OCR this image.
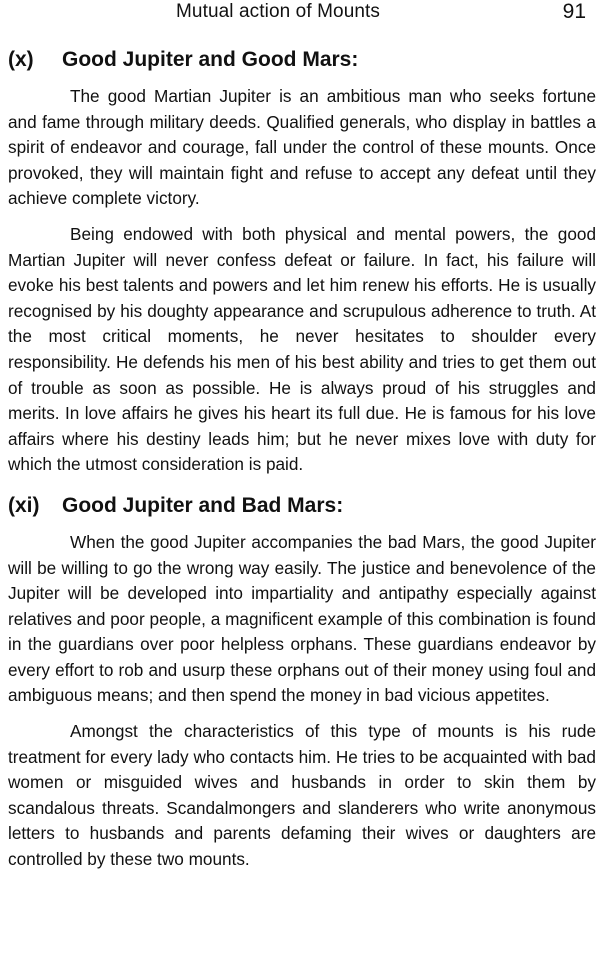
Mutual action of Mounts	91
(x)	Good Jupiter and Good Mars:

The good Martian Jupiter is an ambitious man who seeks fortune and fame through military deeds. Qualified generals, who display in battles a spirit of endeavor and courage, fall under the control of these mounts. Once provoked, they will maintain fight and refuse to accept any defeat until they achieve complete victory.

Being endowed with both physical and mental powers, the good Martian Jupiter will never confess defeat or failure. In fact, his failure will evoke his best talents and powers and let him renew his efforts. He is usually recognised by his doughty appearance and scrupulous adherence to truth. At the most critical moments, he never hesitates to shoulder every responsibility. He defends his men of his best ability and tries to get them out of trouble as soon as possible. He is always proud of his struggles and merits. In love affairs he gives his heart its full due. He is famous for his love affairs where his destiny leads him; but he never mixes love with duty for which the utmost consideration is paid.

(xi)	Good Jupiter and Bad Mars:

When the good Jupiter accompanies the bad Mars, the good Jupiter will be willing to go the wrong way easily. The justice and benevolence of the Jupiter will be developed into impartiality and antipathy especially against relatives and poor people, a magnificent example of this combination is found in the guardians over poor helpless orphans. These guardians endeavor by every effort to rob and usurp these orphans out of their money using foul and ambiguous means; and then spend the money in bad vicious appetites.

Amongst the characteristics of this type of mounts is his rude treatment for every lady who contacts him. He tries to be acquainted with bad women or misguided wives and husbands in order to skin them by scandalous threats. Scandalmongers and slanderers who write anonymous letters to husbands and parents defaming their wives or daughters are controlled by these two mounts.
